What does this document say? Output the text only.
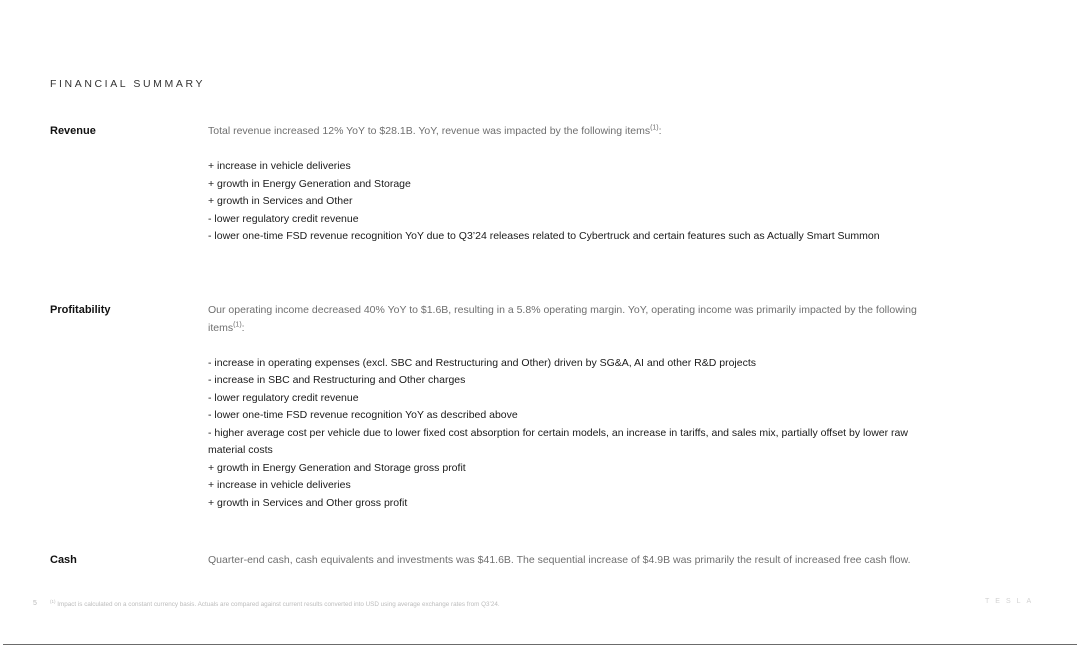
FINANCIAL SUMMARY
Revenue	Total revenue increased 12% YoY to $28.1B. YoY, revenue was impacted by the following items$^{(1)}$:

+ increase in vehicle deliveries
+ growth in Energy Generation and Storage
+ growth in Services and Other
- lower regulatory credit revenue
- lower one-time FSD revenue recognition YoY due to Q3’24 releases related to Cybertruck and certain features such as Actually Smart Summon
Profitability	Our operating income decreased 40% YoY to $1.6B, resulting in a 5.8% operating margin. YoY, operating income was primarily impacted by the following items$^{(1)}$:

- increase in operating expenses (excl. SBC and Restructuring and Other) driven by SG&A, AI and other R&D projects
- increase in SBC and Restructuring and Other charges
- lower regulatory credit revenue
- lower one-time FSD revenue recognition YoY as described above
- higher average cost per vehicle due to lower fixed cost absorption for certain models, an increase in tariffs, and sales mix, partially offset by lower raw material costs
+ growth in Energy Generation and Storage gross profit
+ increase in vehicle deliveries
+ growth in Services and Other gross profit
Cash	Quarter-end cash, cash equivalents and investments was $41.6B. The sequential increase of $4.9B was primarily the result of increased free cash flow.

5	$^{(1)}$ Impact is calculated on a constant currency basis. Actuals are compared against current results converted into USD using average exchange rates from Q3’24.	TESLA
